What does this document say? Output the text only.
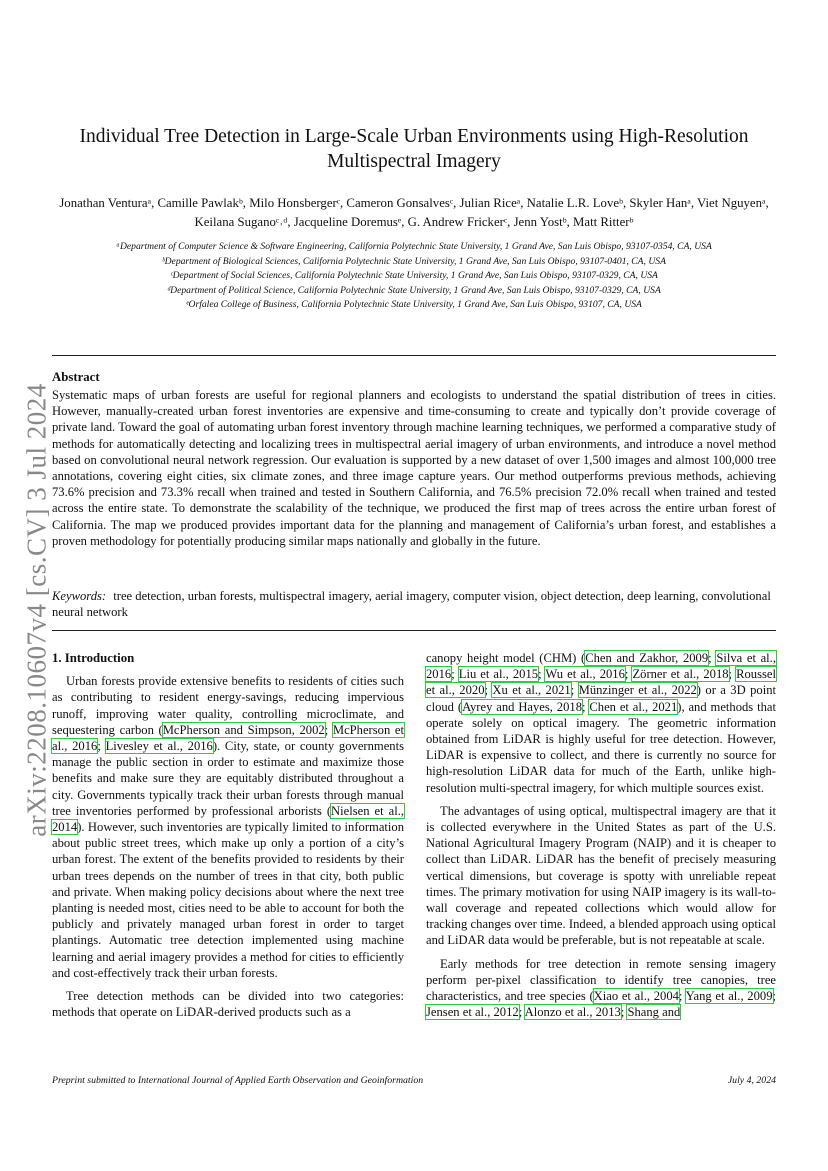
arXiv:2208.10607v4 [cs.CV] 3 Jul 2024
Individual Tree Detection in Large-Scale Urban Environments using High-Resolution Multispectral Imagery
Jonathan Venturaᵃ, Camille Pawlakᵇ, Milo Honsbergerᶜ, Cameron Gonsalvesᶜ, Julian Riceᵃ, Natalie L.R. Loveᵇ, Skyler Hanᵃ, Viet Nguyenᵃ, Keilana Suganoᶜ˒ᵈ, Jacqueline Doremusᵉ, G. Andrew Frickerᶜ, Jenn Yostᵇ, Matt Ritterᵇ
ᵃDepartment of Computer Science & Software Engineering, California Polytechnic State University, 1 Grand Ave, San Luis Obispo, 93107-0354, CA, USA
ᵇDepartment of Biological Sciences, California Polytechnic State University, 1 Grand Ave, San Luis Obispo, 93107-0401, CA, USA
ᶜDepartment of Social Sciences, California Polytechnic State University, 1 Grand Ave, San Luis Obispo, 93107-0329, CA, USA
ᵈDepartment of Political Science, California Polytechnic State University, 1 Grand Ave, San Luis Obispo, 93107-0329, CA, USA
ᵉOrfalea College of Business, California Polytechnic State University, 1 Grand Ave, San Luis Obispo, 93107, CA, USA
Abstract
Systematic maps of urban forests are useful for regional planners and ecologists to understand the spatial distribution of trees in cities. However, manually-created urban forest inventories are expensive and time-consuming to create and typically don’t provide coverage of private land. Toward the goal of automating urban forest inventory through machine learning techniques, we performed a comparative study of methods for automatically detecting and localizing trees in multispectral aerial imagery of urban environments, and introduce a novel method based on convolutional neural network regression. Our evaluation is supported by a new dataset of over 1,500 images and almost 100,000 tree annotations, covering eight cities, six climate zones, and three image capture years. Our method outperforms previous methods, achieving 73.6% precision and 73.3% recall when trained and tested in Southern California, and 76.5% precision 72.0% recall when trained and tested across the entire state. To demonstrate the scalability of the technique, we produced the first map of trees across the entire urban forest of California. The map we produced provides important data for the planning and management of California’s urban forest, and establishes a proven methodology for potentially producing similar maps nationally and globally in the future.
Keywords: tree detection, urban forests, multispectral imagery, aerial imagery, computer vision, object detection, deep learning, convolutional neural network

1. Introduction

Urban forests provide extensive benefits to residents of cities such as contributing to resident energy-savings, reducing impervious runoff, improving water quality, controlling microclimate, and sequestering carbon (McPherson and Simpson, 2002; McPherson et al., 2016; Livesley et al., 2016). City, state, or county governments manage the public section in order to estimate and maximize those benefits and make sure they are equitably distributed throughout a city. Governments typically track their urban forests through manual tree inventories performed by professional arborists (Nielsen et al., 2014). However, such inventories are typically limited to information about public street trees, which make up only a portion of a city’s urban forest. The extent of the benefits provided to residents by their urban trees depends on the number of trees in that city, both public and private. When making policy decisions about where the next tree planting is needed most, cities need to be able to account for both the publicly and privately managed urban forest in order to target plantings. Automatic tree detection implemented using machine learning and aerial imagery provides a method for cities to efficiently and cost-effectively track their urban forests.

Tree detection methods can be divided into two categories: methods that operate on LiDAR-derived products such as a

canopy height model (CHM) (Chen and Zakhor, 2009; Silva et al., 2016; Liu et al., 2015; Wu et al., 2016; Zörner et al., 2018; Roussel et al., 2020; Xu et al., 2021; Münzinger et al., 2022) or a 3D point cloud (Ayrey and Hayes, 2018; Chen et al., 2021), and methods that operate solely on optical imagery. The geometric information obtained from LiDAR is highly useful for tree detection. However, LiDAR is expensive to collect, and there is currently no source for high-resolution LiDAR data for much of the Earth, unlike high-resolution multi-spectral imagery, for which multiple sources exist.

The advantages of using optical, multispectral imagery are that it is collected everywhere in the United States as part of the U.S. National Agricultural Imagery Program (NAIP) and it is cheaper to collect than LiDAR. LiDAR has the benefit of precisely measuring vertical dimensions, but coverage is spotty with unreliable repeat times. The primary motivation for using NAIP imagery is its wall-to-wall coverage and repeated collections which would allow for tracking changes over time. Indeed, a blended approach using optical and LiDAR data would be preferable, but is not repeatable at scale.

Early methods for tree detection in remote sensing imagery perform per-pixel classification to identify tree canopies, tree characteristics, and tree species (Xiao et al., 2004; Yang et al., 2009; Jensen et al., 2012; Alonzo et al., 2013; Shang and

Preprint submitted to International Journal of Applied Earth Observation and Geoinformation	July 4, 2024
